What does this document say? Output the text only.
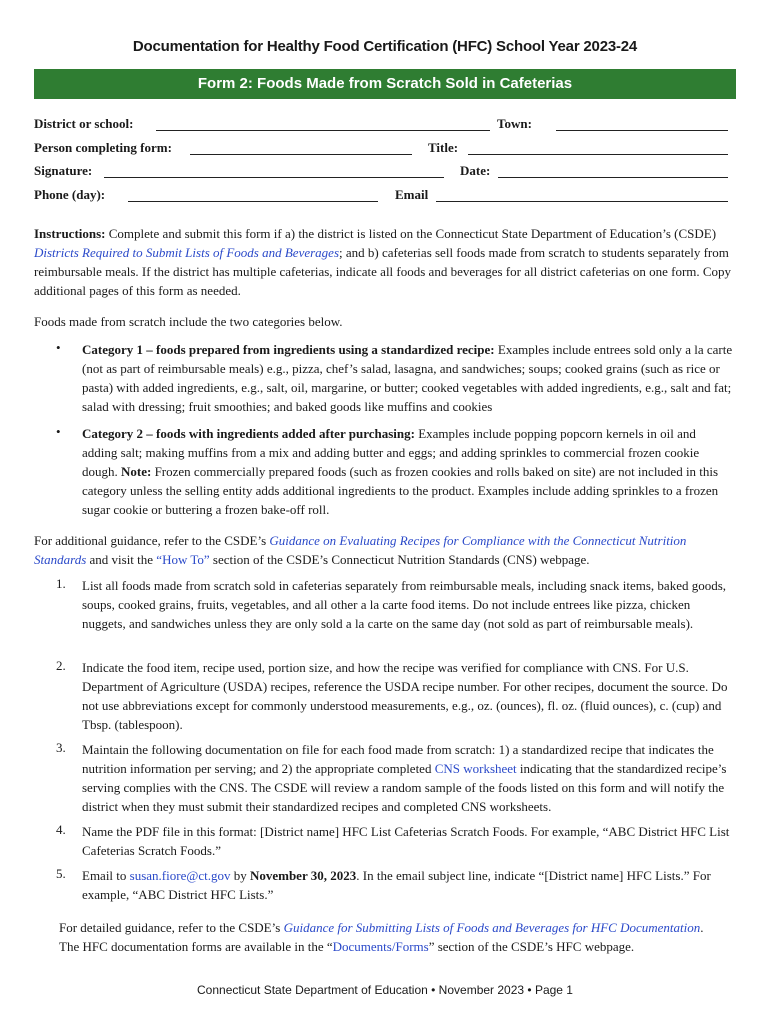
Documentation for Healthy Food Certification (HFC) School Year 2023-24
Form 2: Foods Made from Scratch Sold in Cafeterias
District or school:	Town:
Person completing form:	Title:
Signature:	Date:
Phone (day):	Email
Instructions: Complete and submit this form if a) the district is listed on the Connecticut State Department of Education’s (CSDE) Districts Required to Submit Lists of Foods and Beverages; and b) cafeterias sell foods made from scratch to students separately from reimbursable meals. If the district has multiple cafeterias, indicate all foods and beverages for all district cafeterias on one form. Copy additional pages of this form as needed.
Foods made from scratch include the two categories below.
• Category 1 – foods prepared from ingredients using a standardized recipe: Examples include entrees sold only a la carte (not as part of reimbursable meals) e.g., pizza, chef’s salad, lasagna, and sandwiches; soups; cooked grains (such as rice or pasta) with added ingredients, e.g., salt, oil, margarine, or butter; cooked vegetables with added ingredients, e.g., salt and fat; salad with dressing; fruit smoothies; and baked goods like muffins and cookies
• Category 2 – foods with ingredients added after purchasing: Examples include popping popcorn kernels in oil and adding salt; making muffins from a mix and adding butter and eggs; and adding sprinkles to commercial frozen cookie dough. Note: Frozen commercially prepared foods (such as frozen cookies and rolls baked on site) are not included in this category unless the selling entity adds additional ingredients to the product. Examples include adding sprinkles to a frozen sugar cookie or buttering a frozen bake-off roll.
For additional guidance, refer to the CSDE’s Guidance on Evaluating Recipes for Compliance with the Connecticut Nutrition Standards and visit the “How To” section of the CSDE’s Connecticut Nutrition Standards (CNS) webpage.
1. List all foods made from scratch sold in cafeterias separately from reimbursable meals, including snack items, baked goods, soups, cooked grains, fruits, vegetables, and all other a la carte food items. Do not include entrees like pizza, chicken nuggets, and sandwiches unless they are only sold a la carte on the same day (not sold as part of reimbursable meals).
2. Indicate the food item, recipe used, portion size, and how the recipe was verified for compliance with CNS. For U.S. Department of Agriculture (USDA) recipes, reference the USDA recipe number. For other recipes, document the source. Do not use abbreviations except for commonly understood measurements, e.g., oz. (ounces), fl. oz. (fluid ounces), c. (cup) and Tbsp. (tablespoon).
3. Maintain the following documentation on file for each food made from scratch: 1) a standardized recipe that indicates the nutrition information per serving; and 2) the appropriate completed CNS worksheet indicating that the standardized recipe’s serving complies with the CNS. The CSDE will review a random sample of the foods listed on this form and will notify the district when they must submit their standardized recipes and completed CNS worksheets.
4. Name the PDF file in this format: [District name] HFC List Cafeterias Scratch Foods. For example, “ABC District HFC List Cafeterias Scratch Foods.”
5. Email to susan.fiore@ct.gov by November 30, 2023. In the email subject line, indicate “[District name] HFC Lists.” For example, “ABC District HFC Lists.”
For detailed guidance, refer to the CSDE’s Guidance for Submitting Lists of Foods and Beverages for HFC Documentation.
The HFC documentation forms are available in the “Documents/Forms” section of the CSDE’s HFC webpage.
Connecticut State Department of Education • November 2023 • Page 1
